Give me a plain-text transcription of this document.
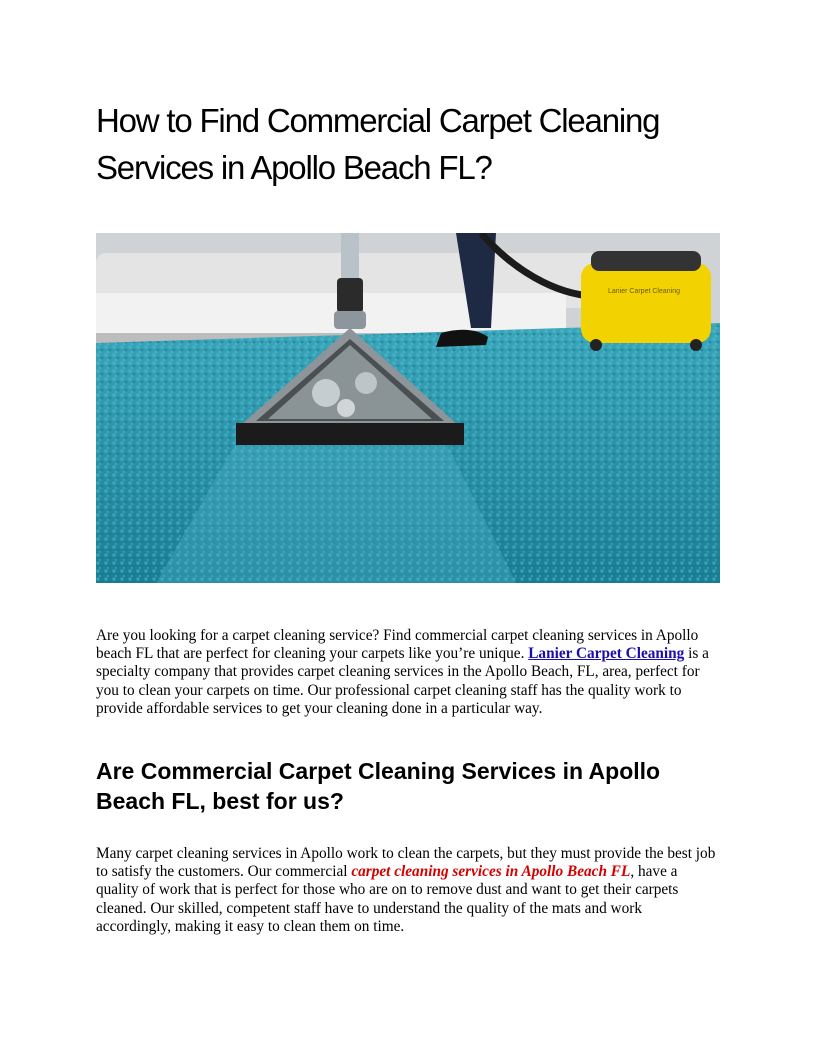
How to Find Commercial Carpet Cleaning Services in Apollo Beach FL?
Lanier Carpet Cleaning

Are you looking for a carpet cleaning service? Find commercial carpet cleaning services in Apollo beach FL that are perfect for cleaning your carpets like you’re unique. Lanier Carpet Cleaning is a specialty company that provides carpet cleaning services in the Apollo Beach, FL, area, perfect for you to clean your carpets on time. Our professional carpet cleaning staff has the quality work to provide affordable services to get your cleaning done in a particular way.

Are Commercial Carpet Cleaning Services in Apollo Beach FL, best for us?

Many carpet cleaning services in Apollo work to clean the carpets, but they must provide the best job to satisfy the customers. Our commercial carpet cleaning services in Apollo Beach FL, have a quality of work that is perfect for those who are on to remove dust and want to get their carpets cleaned. Our skilled, competent staff have to understand the quality of the mats and work accordingly, making it easy to clean them on time.
